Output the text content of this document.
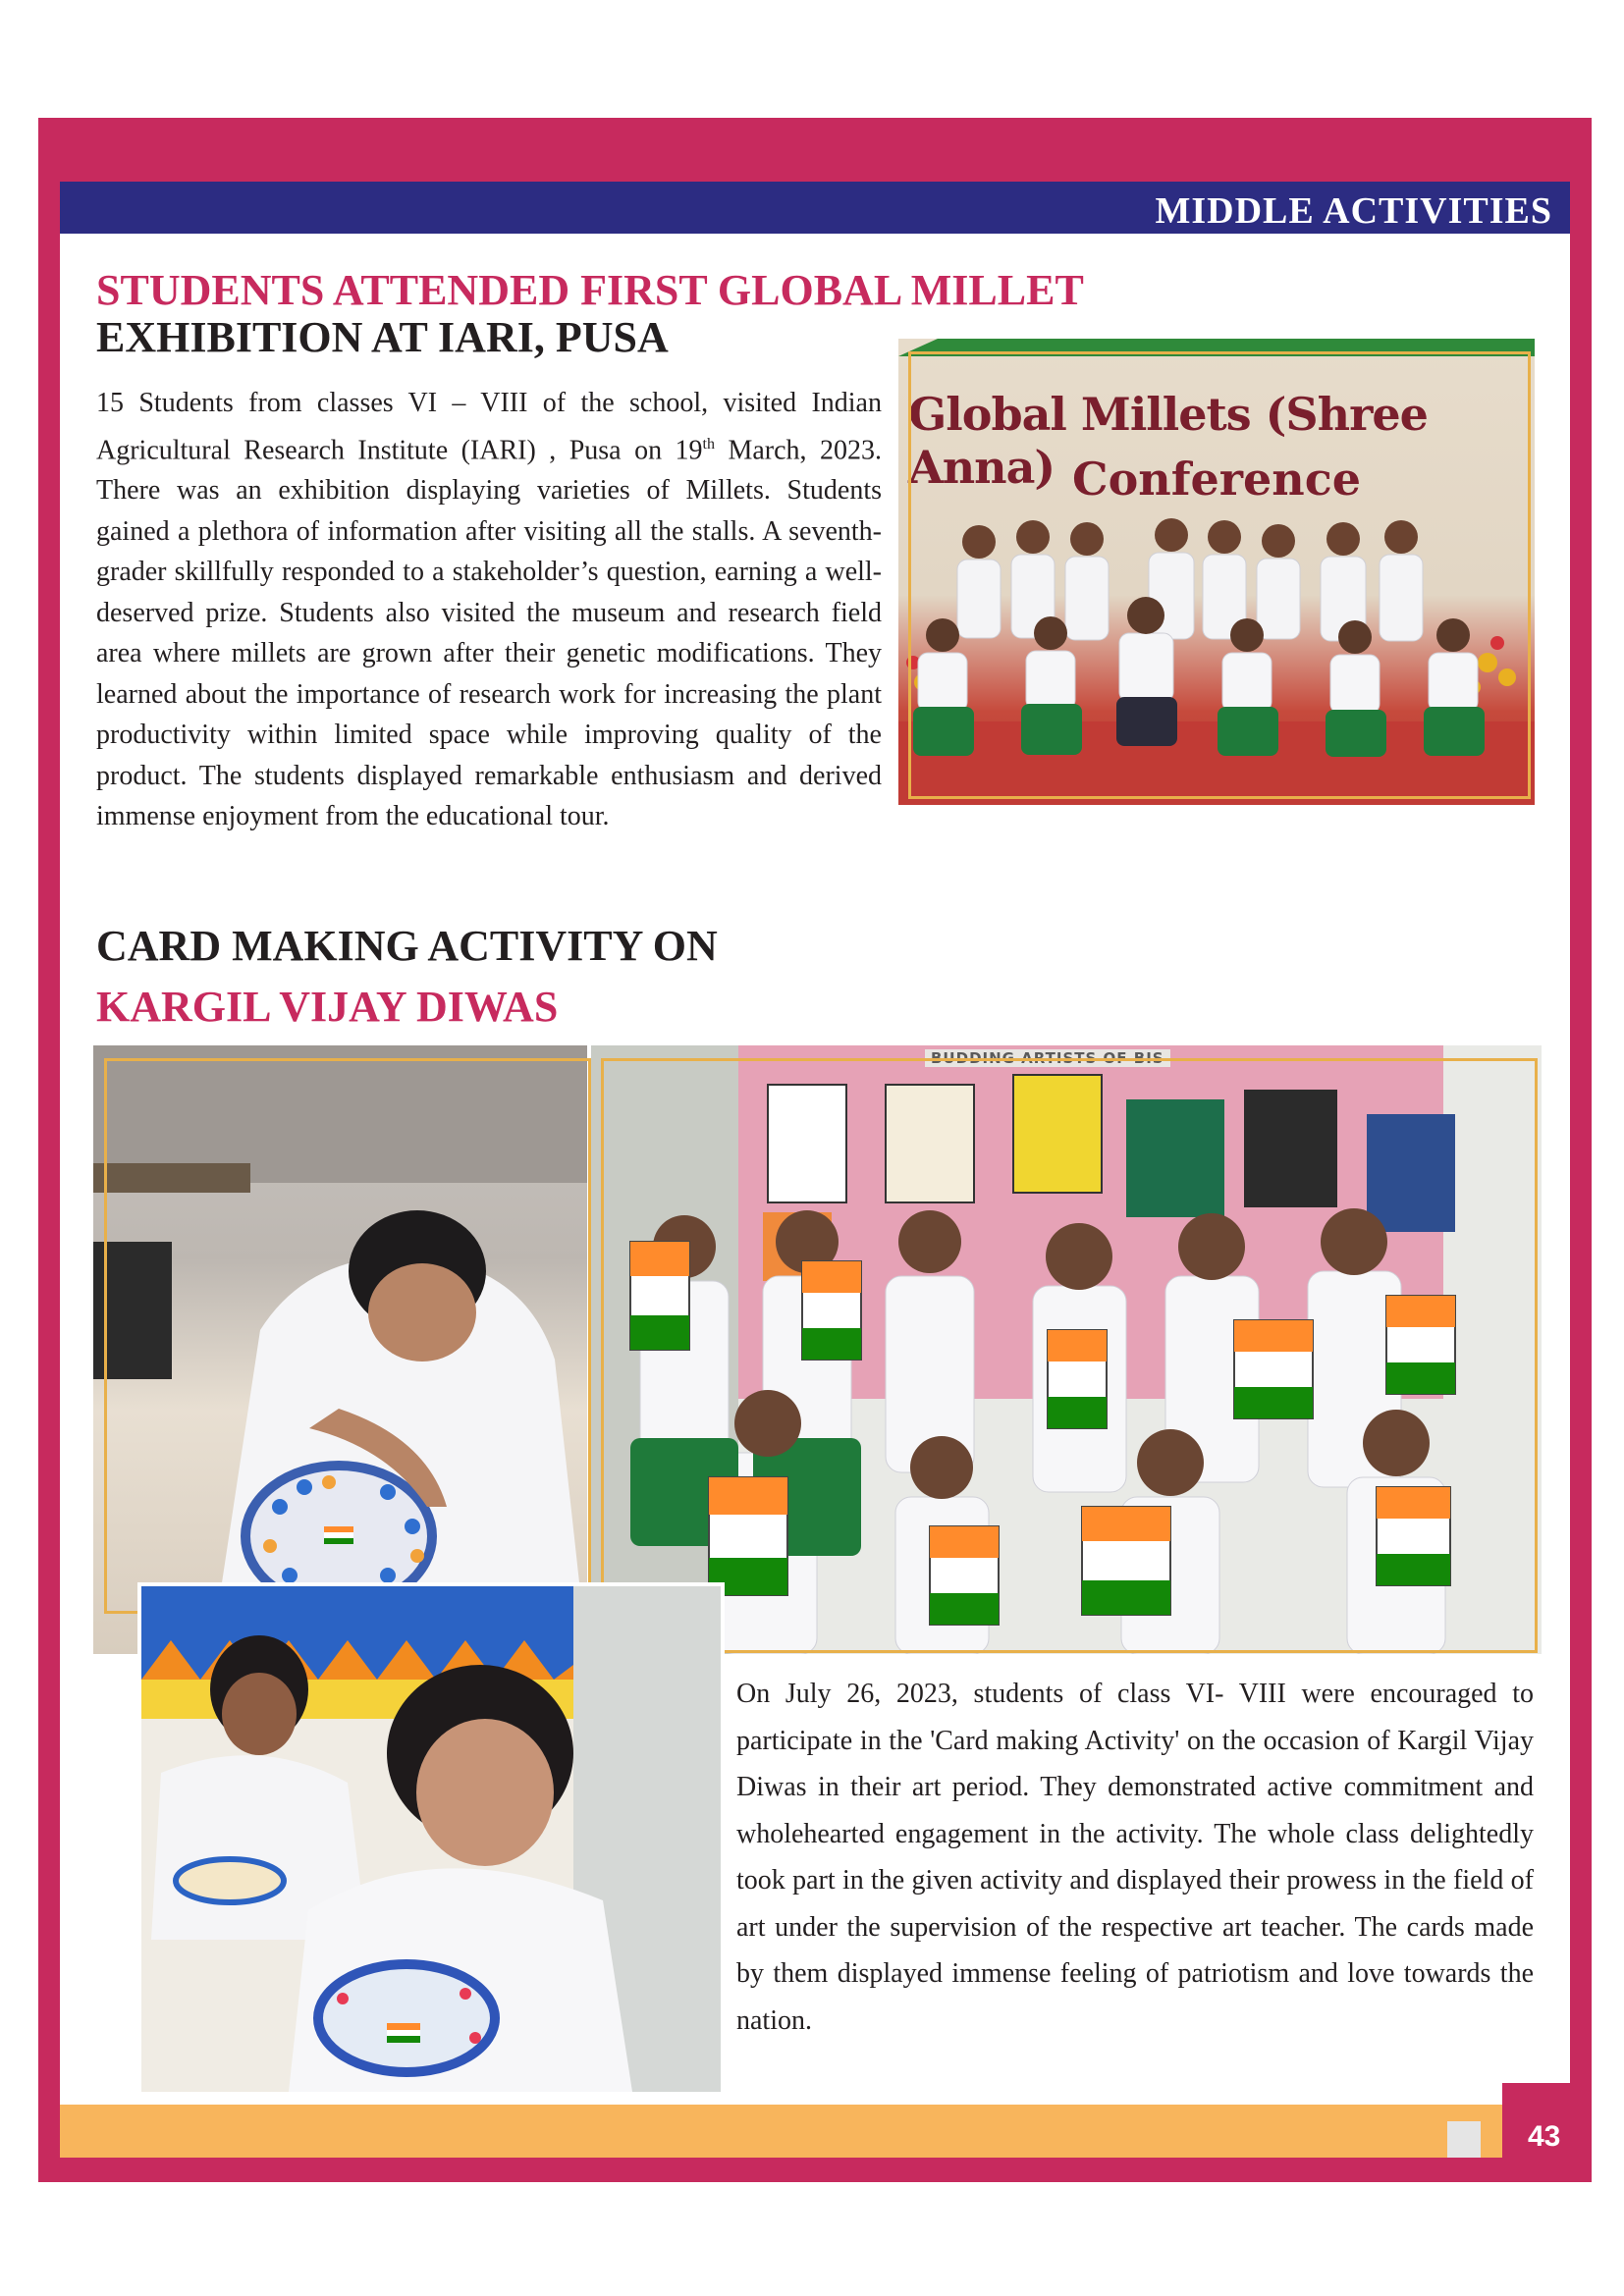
MIDDLE ACTIVITIES
STUDENTS ATTENDED FIRST GLOBAL MILLET
EXHIBITION AT IARI, PUSA

15 Students from classes VI – VIII of the school, visited Indian Agricultural Research Institute (IARI) , Pusa on 19th March, 2023. There was an exhibition displaying varieties of Millets. Students gained a plethora of information after visiting all the stalls. A seventh-grader skillfully responded to a stakeholder’s question, earning a well-deserved prize. Students also visited the museum and research field area where millets are grown after their genetic modifications. They learned about the importance of research work for increasing the plant productivity within limited space while improving quality of the product. The students displayed remarkable enthusiasm and derived immense enjoyment from the educational tour.

Global Millets (Shree Anna) Conference
CARD MAKING ACTIVITY ON
KARGIL VIJAY DIWAS
BUDDING ARTISTS OF BIS

On July 26, 2023, students of class VI- VIII were encouraged to participate in the 'Card making Activity' on the occasion of Kargil Vijay Diwas in their art period. They demonstrated active commitment and wholehearted engagement in the activity. The whole class delightedly took part in the given activity and displayed their prowess in the field of art under the supervision of the respective art teacher. The cards made by them displayed immense feeling of patriotism and love towards the nation.

43
